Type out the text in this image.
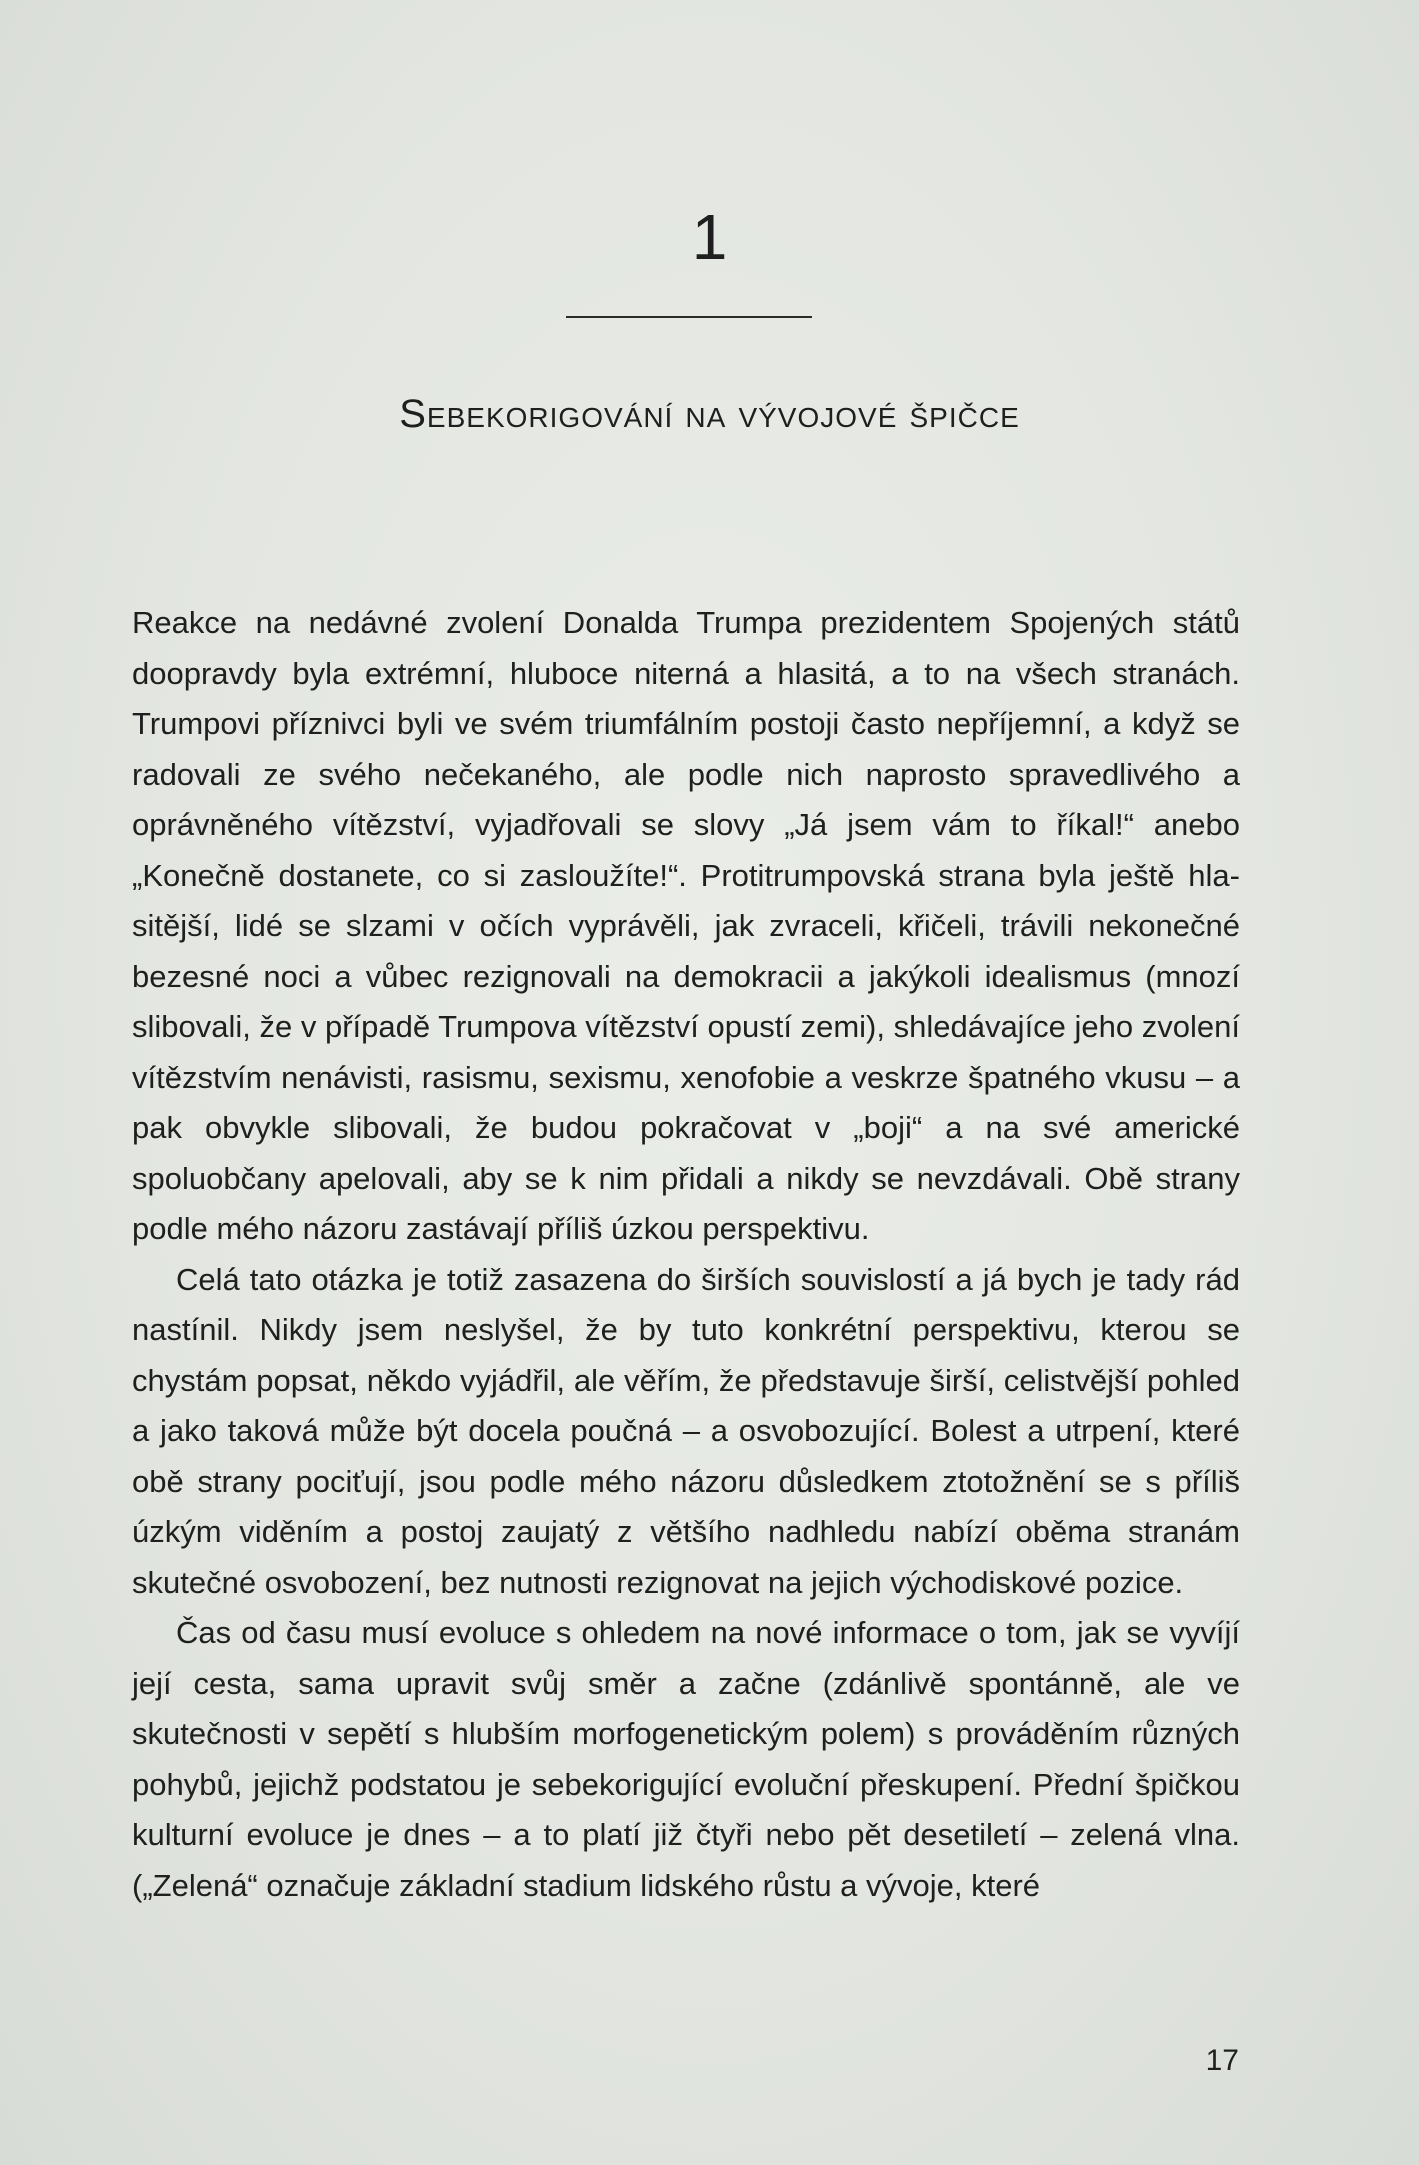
1
Sebekorigování na vývojové špičce

Reakce na nedávné zvolení Donalda Trumpa prezidentem Spojených států doopravdy byla extrémní, hluboce niterná a hlasitá, a to na všech stranách. Trumpovi příznivci byli ve svém triumfálním postoji často nepříjemní, a když se radovali ze svého nečekaného, ale podle nich naprosto spravedlivého a oprávněného vítězství, vyjadřovali se slovy „Já jsem vám to říkal!“ anebo „Konečně dostanete, co si zasloužíte!“. Protitrumpovská strana byla ještě hlasitější, lidé se slzami v očích vyprávěli, jak zvraceli, křičeli, trávili nekonečné bezesné noci a vůbec rezignovali na demokracii a jakýkoli idealismus (mnozí slibovali, že v případě Trumpova vítězství opustí zemi), shledávajíce jeho zvolení vítězstvím nenávisti, rasismu, sexismu, xenofobie a veskrze špatného vkusu – a pak obvykle slibovali, že budou pokračovat v „boji“ a na své americké spoluobčany apelovali, aby se k nim přidali a nikdy se nevzdávali. Obě strany podle mého názoru zastávají příliš úzkou perspektivu.

Celá tato otázka je totiž zasazena do širších souvislostí a já bych je tady rád nastínil. Nikdy jsem neslyšel, že by tuto konkrétní perspektivu, kterou se chystám popsat, někdo vyjádřil, ale věřím, že představuje širší, celistvější pohled a jako taková může být docela poučná – a osvobozující. Bolest a utrpení, které obě strany pociťují, jsou podle mého názoru důsledkem ztotožnění se s příliš úzkým viděním a postoj zaujatý z většího nadhledu nabízí oběma stranám skutečné osvobození, bez nutnosti rezignovat na jejich východiskové pozice.

Čas od času musí evoluce s ohledem na nové informace o tom, jak se vyvíjí její cesta, sama upravit svůj směr a začne (zdánlivě spontánně, ale ve skutečnosti v sepětí s hlubším morfogenetickým polem) s prováděním různých pohybů, jejichž podstatou je sebekorigující evoluční přeskupení. Přední špičkou kulturní evoluce je dnes – a to platí již čtyři nebo pět desetiletí – zelená vlna. („Zelená“ označuje základní stadium lidského růstu a vývoje, které

17
